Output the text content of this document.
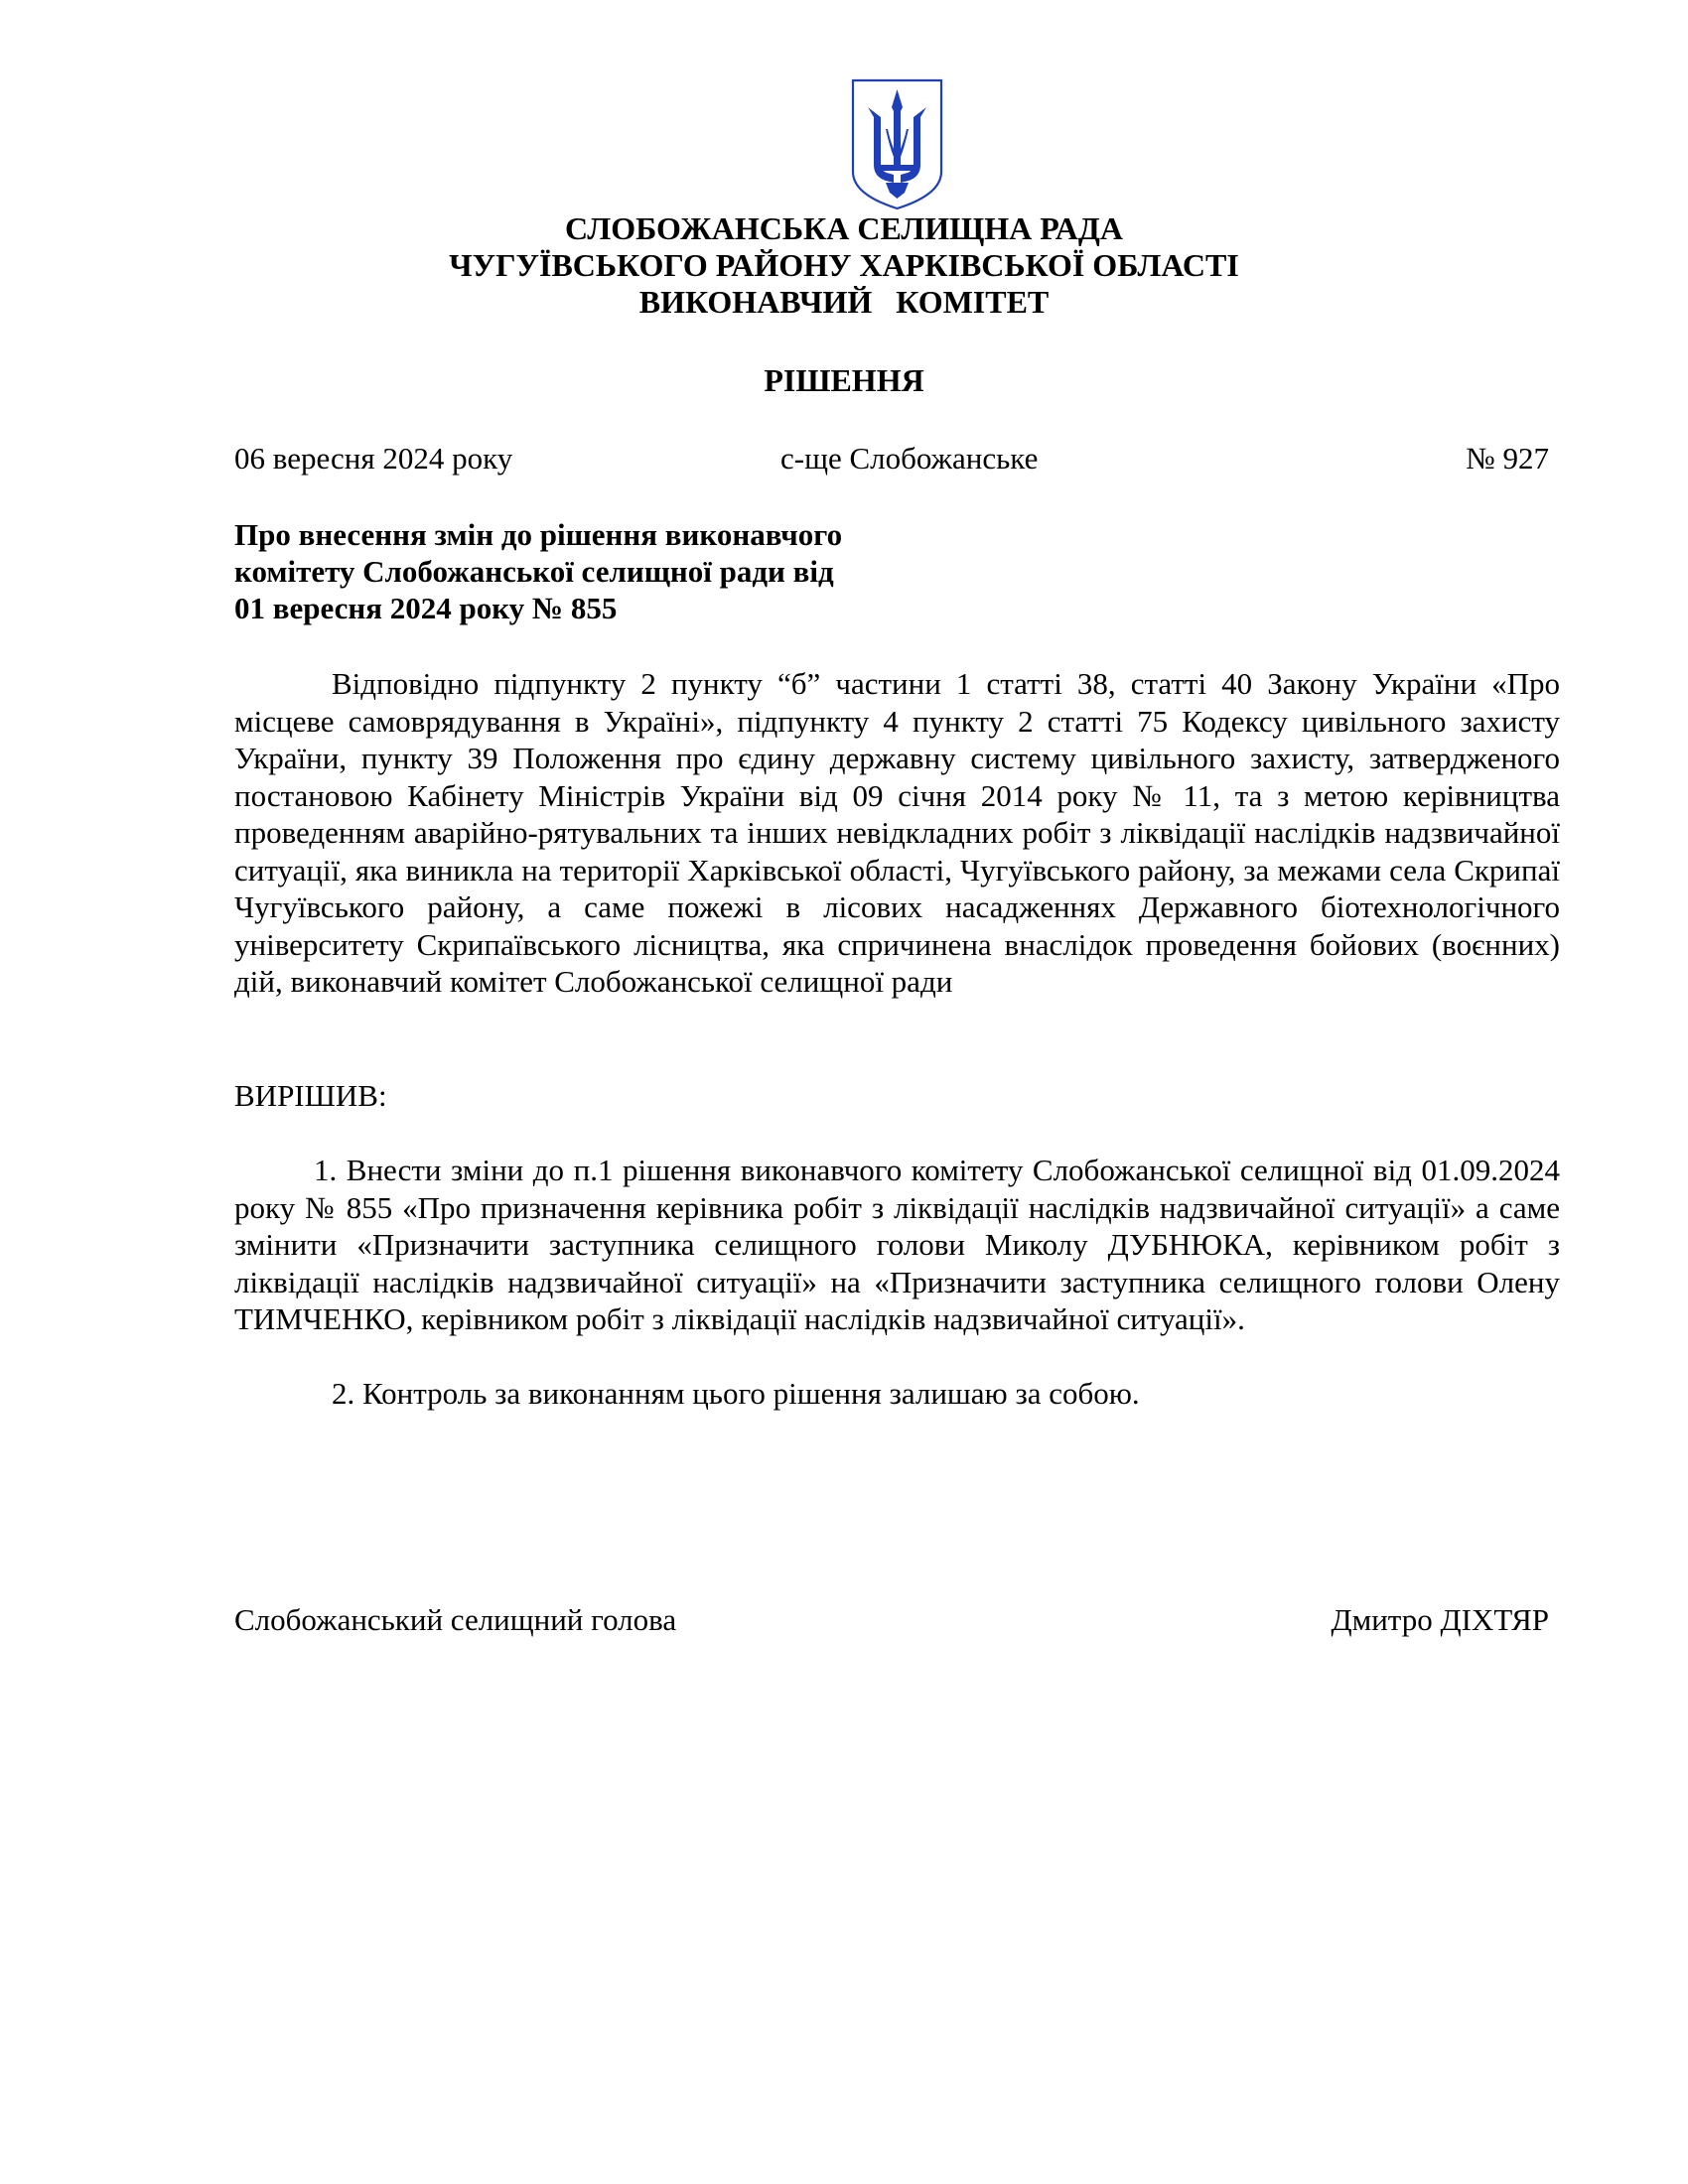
СЛОБОЖАНСЬКА СЕЛИЩНА РАДА
ЧУГУЇВСЬКОГО РАЙОНУ ХАРКІВСЬКОЇ ОБЛАСТІ
ВИКОНАВЧИЙ   КОМІТЕТ
РІШЕННЯ
06 вересня 2024 року	с-ще Слобожанське	№ 927
Про внесення змін до рішення виконавчого
комітету Слобожанської селищної ради від
01 вересня 2024 року № 855

Відповідно підпункту 2 пункту “б” частини 1 статті 38, статті 40 Закону України «Про місцеве самоврядування в Україні», підпункту 4 пункту 2 статті 75 Кодексу цивільного захисту України, пункту 39 Положення про єдину державну систему цивільного захисту, затвердженого постановою Кабінету Міністрів України від 09 січня 2014 року № 11, та з метою керівництва проведенням аварійно-рятувальних та інших невідкладних робіт з ліквідації наслідків надзвичайної ситуації, яка виникла на території Харківської області, Чугуївського району, за межами села Скрипаї Чугуївського району, а саме пожежі в лісових насадженнях Державного біотехнологічного університету Скрипаївського лісництва, яка спричинена внаслідок проведення бойових (воєнних) дій, виконавчий комітет Слобожанської селищної ради

ВИРІШИВ:

1. Внести зміни до п.1 рішення виконавчого комітету Слобожанської селищної від 01.09.2024 року № 855 «Про призначення керівника робіт з ліквідації наслідків надзвичайної ситуації» а саме змінити «Призначити заступника селищного голови Миколу ДУБНЮКА, керівником робіт з ліквідації наслідків надзвичайної ситуації» на «Призначити заступника селищного голови Олену ТИМЧЕНКО, керівником робіт з ліквідації наслідків надзвичайної ситуації».

2. Контроль за виконанням цього рішення залишаю за собою.
Слобожанський селищний голова	Дмитро ДІХТЯР
